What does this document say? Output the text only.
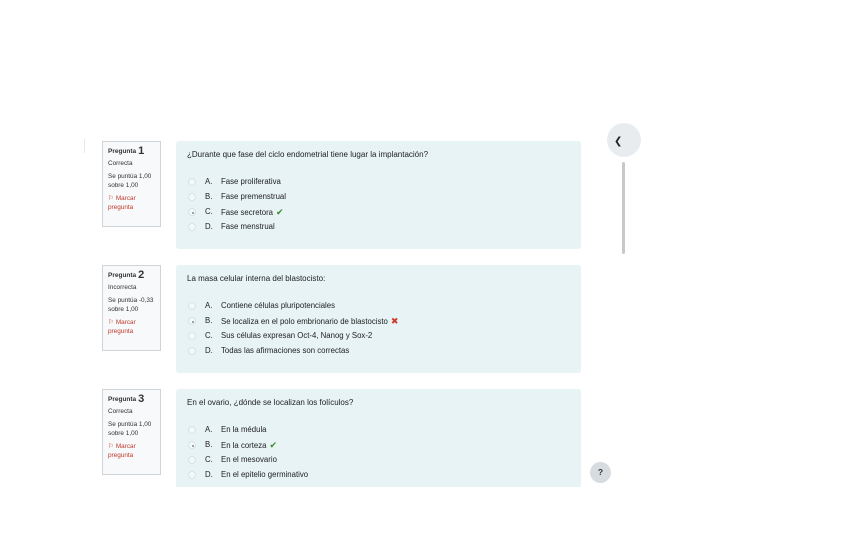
Pregunta 1
Correcta
Se puntúa 1,00
sobre 1,00
⚐ Marcar
pregunta
¿Durante que fase del ciclo endometrial tiene lugar la implantación?
A. Fase proliferativa
B. Fase premenstrual
C. Fase secretora ✔
D. Fase menstrual
Pregunta 2
Incorrecta
Se puntúa -0,33
sobre 1,00
⚐ Marcar
pregunta
La masa celular interna del blastocisto:
A. Contiene células pluripotenciales
B. Se localiza en el polo embrionario de blastocisto ✖
C. Sus células expresan Oct-4, Nanog y Sox-2
D. Todas las afirmaciones son correctas
Pregunta 3
Correcta
Se puntúa 1,00
sobre 1,00
⚐ Marcar
pregunta
En el ovario, ¿dónde se localizan los folículos?
A. En la médula
B. En la corteza ✔
C. En el mesovario
D. En el epitelio germinativo
❮
?
